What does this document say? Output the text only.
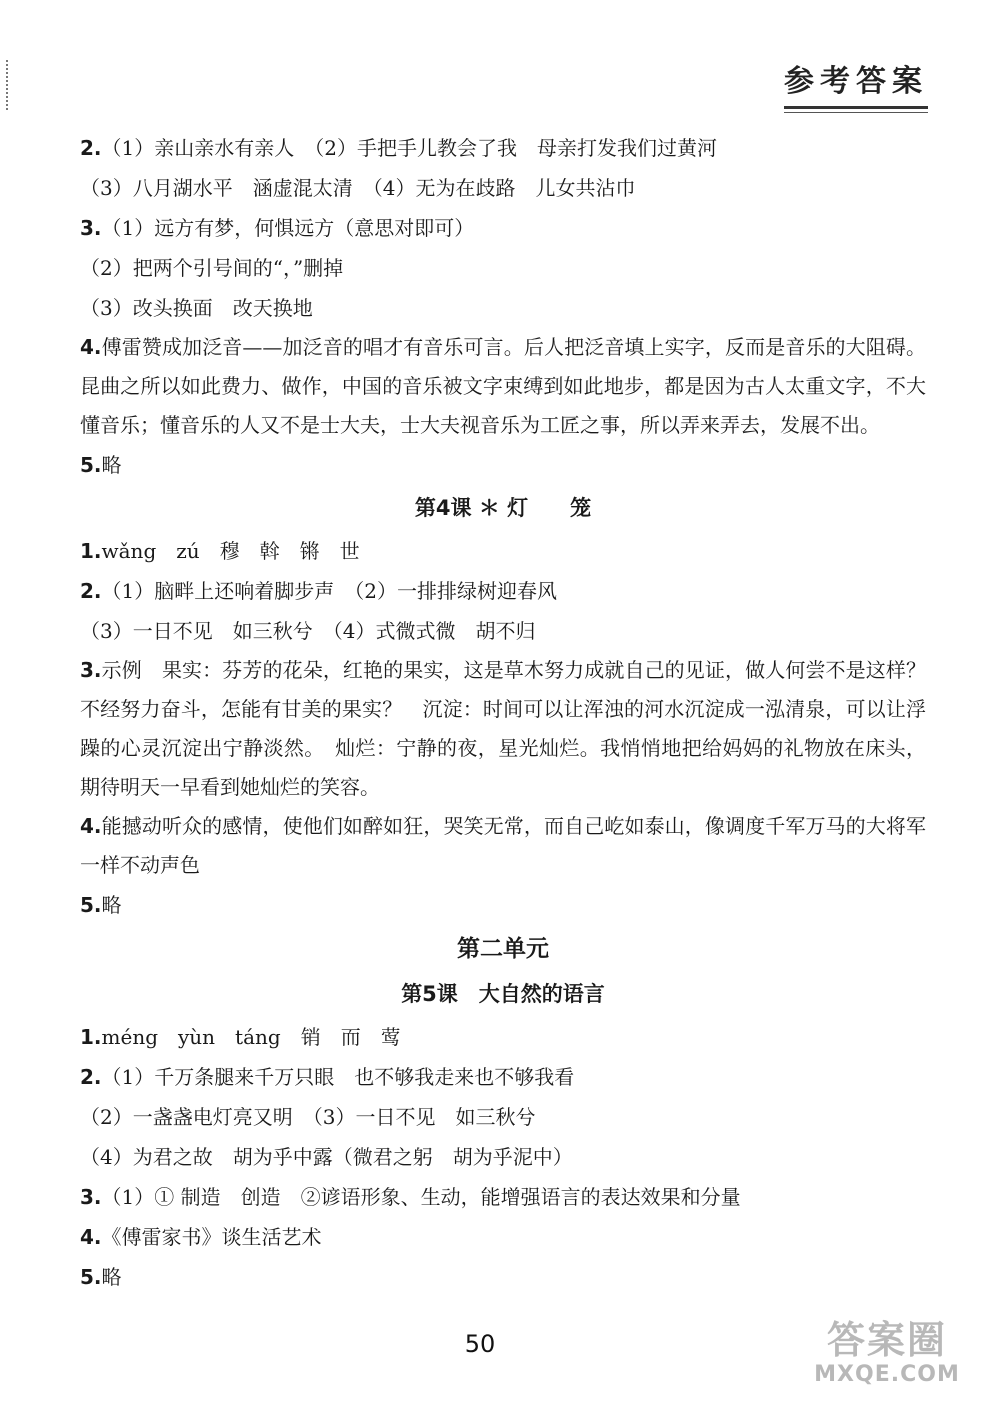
参考答案
2.（1）亲山亲水有亲人　（2）手把手儿教会了我　母亲打发我们过黄河
（3）八月湖水平　涵虚混太清　（4）无为在歧路　儿女共沾巾
3.（1）远方有梦，何惧远方（意思对即可）
（2）把两个引号间的“，”删掉
（3）改头换面　改天换地
4.傅雷赞成加泛音——加泛音的唱才有音乐可言。后人把泛音填上实字，反而是音乐的大阻碍。昆曲之所以如此费力、做作，中国的音乐被文字束缚到如此地步，都是因为古人太重文字，不大懂音乐；懂音乐的人又不是士大夫，士大夫视音乐为工匠之事，所以弄来弄去，发展不出。
5.略
第4课 ＊ 灯　　笼
1.wǎng　zú　穆　斡　锵　世
2.（1）脑畔上还响着脚步声　（2）一排排绿树迎春风
（3）一日不见　如三秋兮　（4）式微式微　胡不归
3.示例　果实：芬芳的花朵，红艳的果实，这是草木努力成就自己的见证，做人何尝不是这样？不经努力奋斗，怎能有甘美的果实？　沉淀：时间可以让浑浊的河水沉淀成一泓清泉，可以让浮躁的心灵沉淀出宁静淡然。　灿烂：宁静的夜，星光灿烂。我悄悄地把给妈妈的礼物放在床头，期待明天一早看到她灿烂的笑容。
4.能撼动听众的感情，使他们如醉如狂，哭笑无常，而自己屹如泰山，像调度千军万马的大将军一样不动声色
5.略
第二单元
第5课　大自然的语言
1.méng　yùn　táng　销　而　莺
2.（1）千万条腿来千万只眼　也不够我走来也不够我看
（2）一盏盏电灯亮又明　（3）一日不见　如三秋兮
（4）为君之故　胡为乎中露（微君之躬　胡为乎泥中）
3.（1）① 制造　创造　②谚语形象、生动，能增强语言的表达效果和分量
4.《傅雷家书》谈生活艺术
5.略
50	答案圈
MXQE.COM
